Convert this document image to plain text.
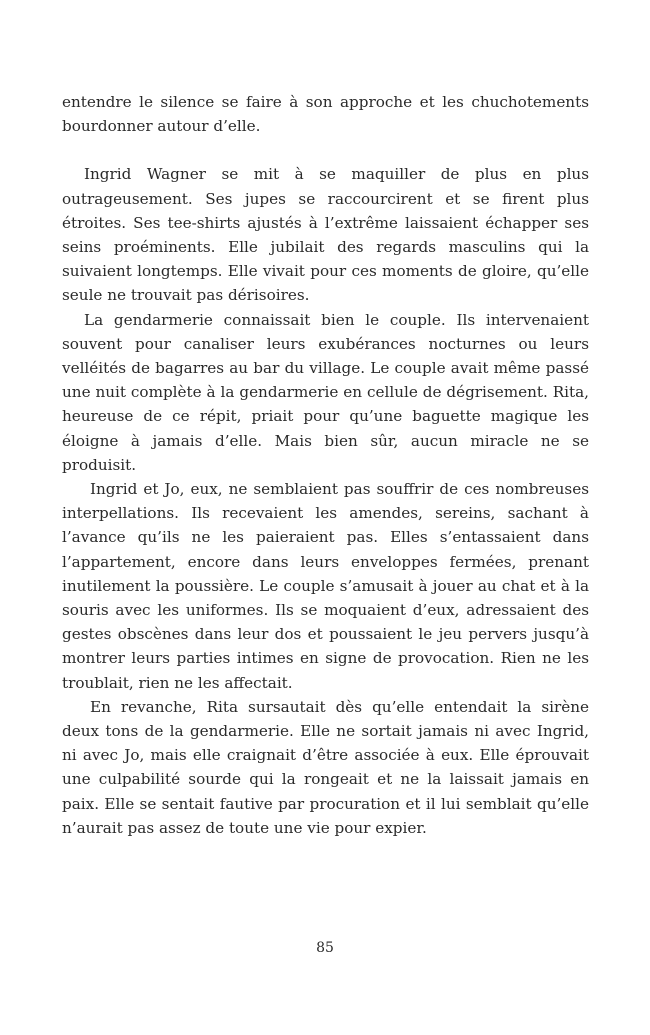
entendre le silence se faire à son approche et les chuchotements bourdonner autour d’elle.

Ingrid Wagner se mit à se maquiller de plus en plus outrageusement. Ses jupes se raccourcirent et se firent plus étroites. Ses tee-shirts ajustés à l’extrême laissaient échapper ses seins proéminents. Elle jubilait des regards masculins qui la suivaient longtemps. Elle vivait pour ces moments de gloire, qu’elle seule ne trouvait pas dérisoires.

La gendarmerie connaissait bien le couple. Ils intervenaient souvent pour canaliser leurs exubérances nocturnes ou leurs velléités de bagarres au bar du village. Le couple avait même passé une nuit complète à la gendarmerie en cellule de dégrisement. Rita, heureuse de ce répit, priait pour qu’une baguette magique les éloigne à jamais d’elle. Mais bien sûr, aucun miracle ne se produisit.

Ingrid et Jo, eux, ne semblaient pas souffrir de ces nombreuses interpellations. Ils recevaient les amendes, sereins, sachant à l’avance qu’ils ne les paieraient pas. Elles s’entassaient dans l’appartement, encore dans leurs enveloppes fermées, prenant inutilement la poussière. Le couple s’amusait à jouer au chat et à la souris avec les uniformes. Ils se moquaient d’eux, adressaient des gestes obscènes dans leur dos et poussaient le jeu pervers jusqu’à montrer leurs parties intimes en signe de provocation. Rien ne les troublait, rien ne les affectait.

En revanche, Rita sursautait dès qu’elle entendait la sirène deux tons de la gendarmerie. Elle ne sortait jamais ni avec Ingrid, ni avec Jo, mais elle craignait d’être associée à eux. Elle éprouvait une culpabilité sourde qui la rongeait et ne la laissait jamais en paix. Elle se sentait fautive par procuration et il lui semblait qu’elle n’aurait pas assez de toute une vie pour expier.

85
